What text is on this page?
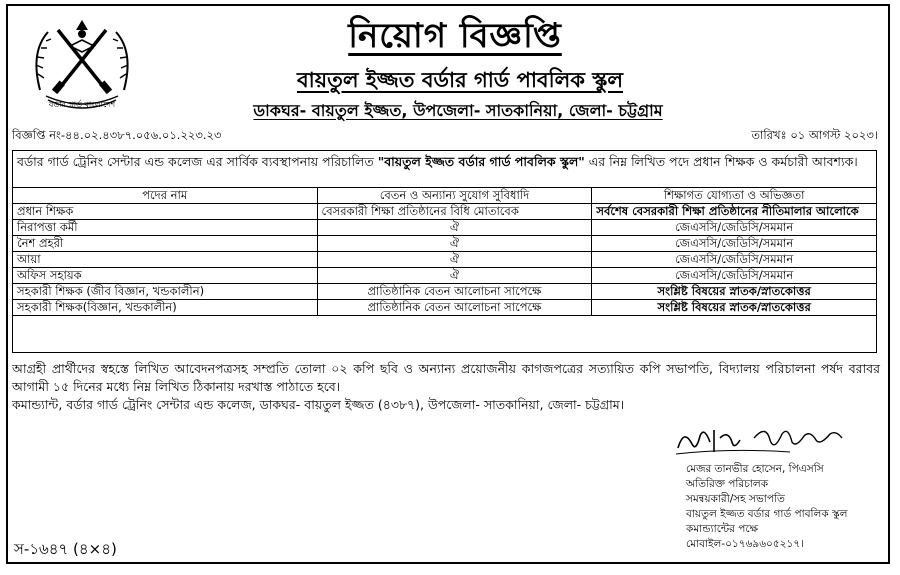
বর্ডার গার্ড বাংলাদেশ
নিয়োগ বিজ্ঞপ্তি
বায়তুল ইজ্জত বর্ডার গার্ড পাবলিক স্কুল
ডাকঘর- বায়তুল ইজ্জত, উপজেলা- সাতকানিয়া, জেলা- চট্টগ্রাম
বিজ্ঞপ্তি নং-৪৪.০২.৪৩৮৭.০৫৬.০১.২২৩.২৩	তারিখঃ ০১ আগস্ট ২০২৩।
বর্ডার গার্ড ট্রেনিং সেন্টার এন্ড কলেজ এর সার্বিক ব্যবস্থাপনায় পরিচালিত "বায়তুল ইজ্জত বর্ডার গার্ড পাবলিক স্কুল" এর নিম্ন লিখিত পদে প্রধান শিক্ষক ও কর্মচারী আবশ্যক।
পদের নাম	বেতন ও অন্যান্য সুযোগ সুবিধাদি	শিক্ষাগত যোগ্যতা ও অভিজ্ঞতা
প্রধান শিক্ষক	বেসরকারী শিক্ষা প্রতিষ্ঠানের বিধি মোতাবেক	সর্বশেষ বেসরকারী শিক্ষা প্রতিষ্ঠানের নীতিমালার আলোকে
নিরাপত্তা কর্মী	ঐ	জেএসসি/জেডিসি/সমমান
নৈশ প্রহরী	ঐ	জেএসসি/জেডিসি/সমমান
আয়া	ঐ	জেএসসি/জেডিসি/সমমান
অফিস সহায়ক	ঐ	জেএসসি/জেডিসি/সমমান
সহকারী শিক্ষক (জীব বিজ্ঞান, খন্ডকালীন)	প্রাতিষ্ঠানিক বেতন আলোচনা সাপেক্ষে	সংশ্লিষ্ট বিষয়ের স্নাতক/স্নাতকোত্তর
সহকারী শিক্ষক(বিজ্ঞান, খন্ডকালীন)	প্রাতিষ্ঠানিক বেতন আলোচনা সাপেক্ষে	সংশ্লিষ্ট বিষয়ের স্নাতক/স্নাতকোত্তর
আগ্রহী প্রার্থীদের স্বহস্তে লিখিত আবেদনপত্রসহ সম্প্রতি তোলা ০২ কপি ছবি ও অন্যান্য প্রয়োজনীয় কাগজপত্রের সত্যায়িত কপি সভাপতি, বিদ্যালয় পরিচালনা পর্ষদ বরাবর আগামী ১৫ দিনের মধ্যে নিম্ন লিখিত ঠিকানায় দরখাস্ত পাঠাতে হবে।
কমান্ড্যান্ট, বর্ডার গার্ড ট্রেনিং সেন্টার এন্ড কলেজ, ডাকঘর- বায়তুল ইজ্জত (৪৩৮৭), উপজেলা- সাতকানিয়া, জেলা- চট্টগ্রাম।
মেজর তানভীর হোসেন, পিএসসি
অতিরিক্ত পরিচালক
সমন্বয়কারী/সহ সভাপতি
বায়তুল ইজ্জত বর্ডার গার্ড পাবলিক স্কুল
কমান্ড্যান্টের পক্ষে
মোবাইল-০১৭৬৯৬০৫২১৭।
স-১৬৪৭ (৪×৪)
